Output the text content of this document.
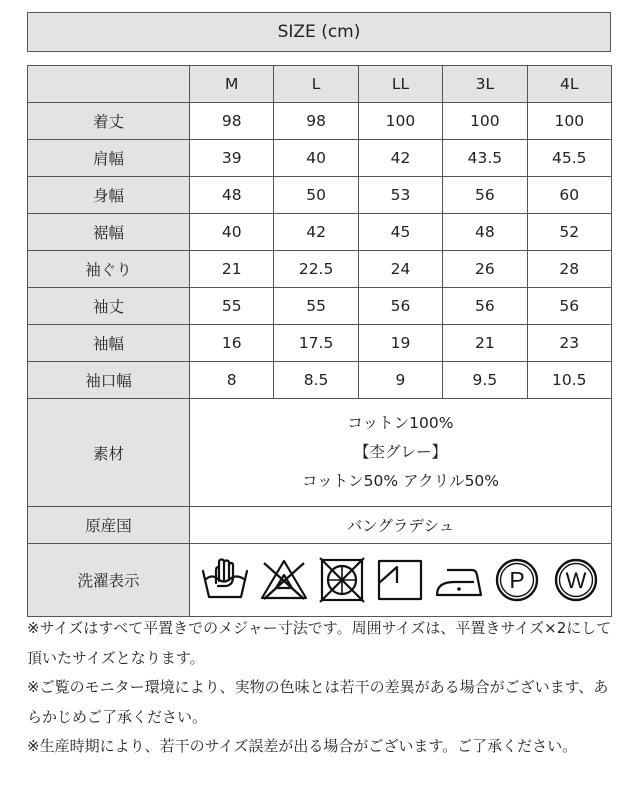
SIZE (cm)
	M	L	LL	3L	4L
着丈	98	98	100	100	100
肩幅	39	40	42	43.5	45.5
身幅	48	50	53	56	60
裾幅	40	42	45	48	52
袖ぐり	21	22.5	24	26	28
袖丈	55	55	56	56	56
袖幅	16	17.5	19	21	23
袖口幅	8	8.5	9	9.5	10.5
素材	コットン100%
【杢グレー】
コットン50% アクリル50%				

原産国	バングラデシュ				
洗濯表示	P W				

※サイズはすべて平置きでのメジャー寸法です。周囲サイズは、平置きサイズ×2にして頂いたサイズとなります。

※ご覧のモニター環境により、実物の色味とは若干の差異がある場合がございます、あらかじめご了承ください。

※生産時期により、若干のサイズ誤差が出る場合がございます。ご了承ください。
